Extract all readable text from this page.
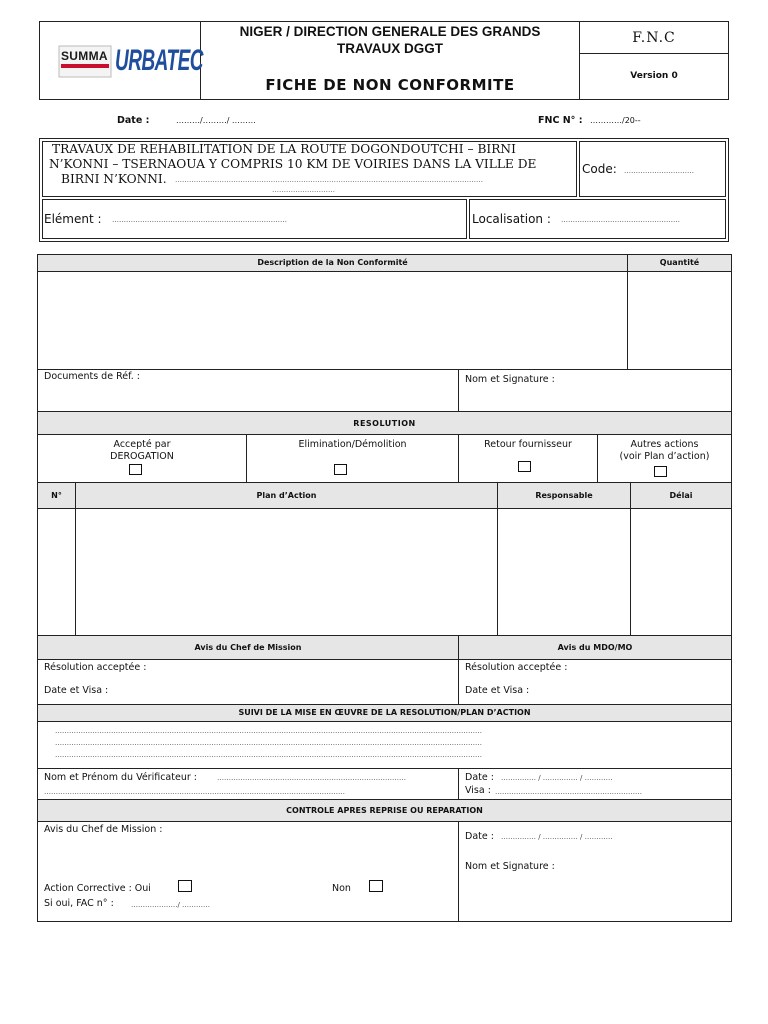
SUMMA URBATEC
NIGER / DIRECTION GENERALE DES GRANDS
TRAVAUX DGGT
FICHE DE NON CONFORMITE
F.N.C
Version 0
Date :	………/………/ ………	FNC N° : …………/20--
TRAVAUX DE REHABILITATION DE LA ROUTE DOGONDOUTCHI – BIRNI
N’KONNI – TSERNAOUA Y COMPRIS 10 KM DE VOIRIES DANS LA VILLE DE
BIRNI N’KONNI. ……………………………………………………………………………………………………………………
………………………
Code: …………………………
Elément : …………………………………………………………………	Localisation : ……………………………………………
Description de la Non Conformité	Quantité
Documents de Réf. :	Nom et Signature :
RESOLUTION
Accepté par
DEROGATION
Elimination/Démolition	Retour fournisseur	Autres actions
(voir Plan d’action)
N°	Plan d’Action	Responsable	Délai
Avis du Chef de Mission	Avis du MDO/MO
Résolution acceptée :
Date et Visa :
Résolution acceptée :
Date et Visa :
SUIVI DE LA MISE EN ŒUVRE DE LA RESOLUTION/PLAN D’ACTION
…………………………………………………………………………………………………………………………………………………………………
…………………………………………………………………………………………………………………………………………………………………
…………………………………………………………………………………………………………………………………………………………………
Nom et Prénom du Vérificateur :	………………………………………………………………………
…………………………………………………………………………………………………………………
Date : …………… / …………… / …………
Visa : ………………………………………………………
CONTROLE APRES REPRISE OU REPARATION
Avis du Chef de Mission :
Date : …………… / …………… / …………
Nom et Signature :
Action Corrective : Oui	Non
Si oui, FAC n° : …………….…./ …………
